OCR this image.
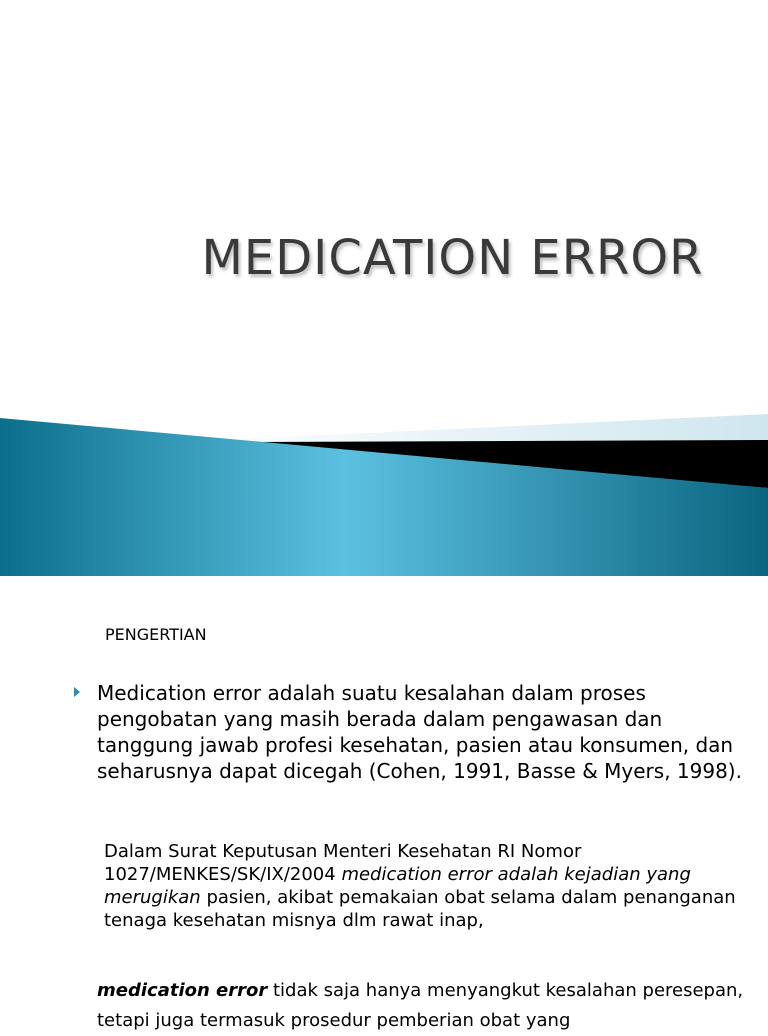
MEDICATION ERROR
PENGERTIAN
Medication error adalah suatu kesalahan dalam proses pengobatan yang masih berada dalam pengawasan dan tanggung jawab profesi kesehatan, pasien atau konsumen, dan seharusnya dapat dicegah (Cohen, 1991, Basse & Myers, 1998).
Dalam Surat Keputusan Menteri Kesehatan RI Nomor 1027/MENKES/SK/IX/2004 medication error adalah kejadian yang merugikan pasien, akibat pemakaian obat selama dalam penanganan tenaga kesehatan misnya dlm rawat inap,
medication error tidak saja hanya menyangkut kesalahan peresepan, tetapi juga termasuk prosedur pemberian obat yang
